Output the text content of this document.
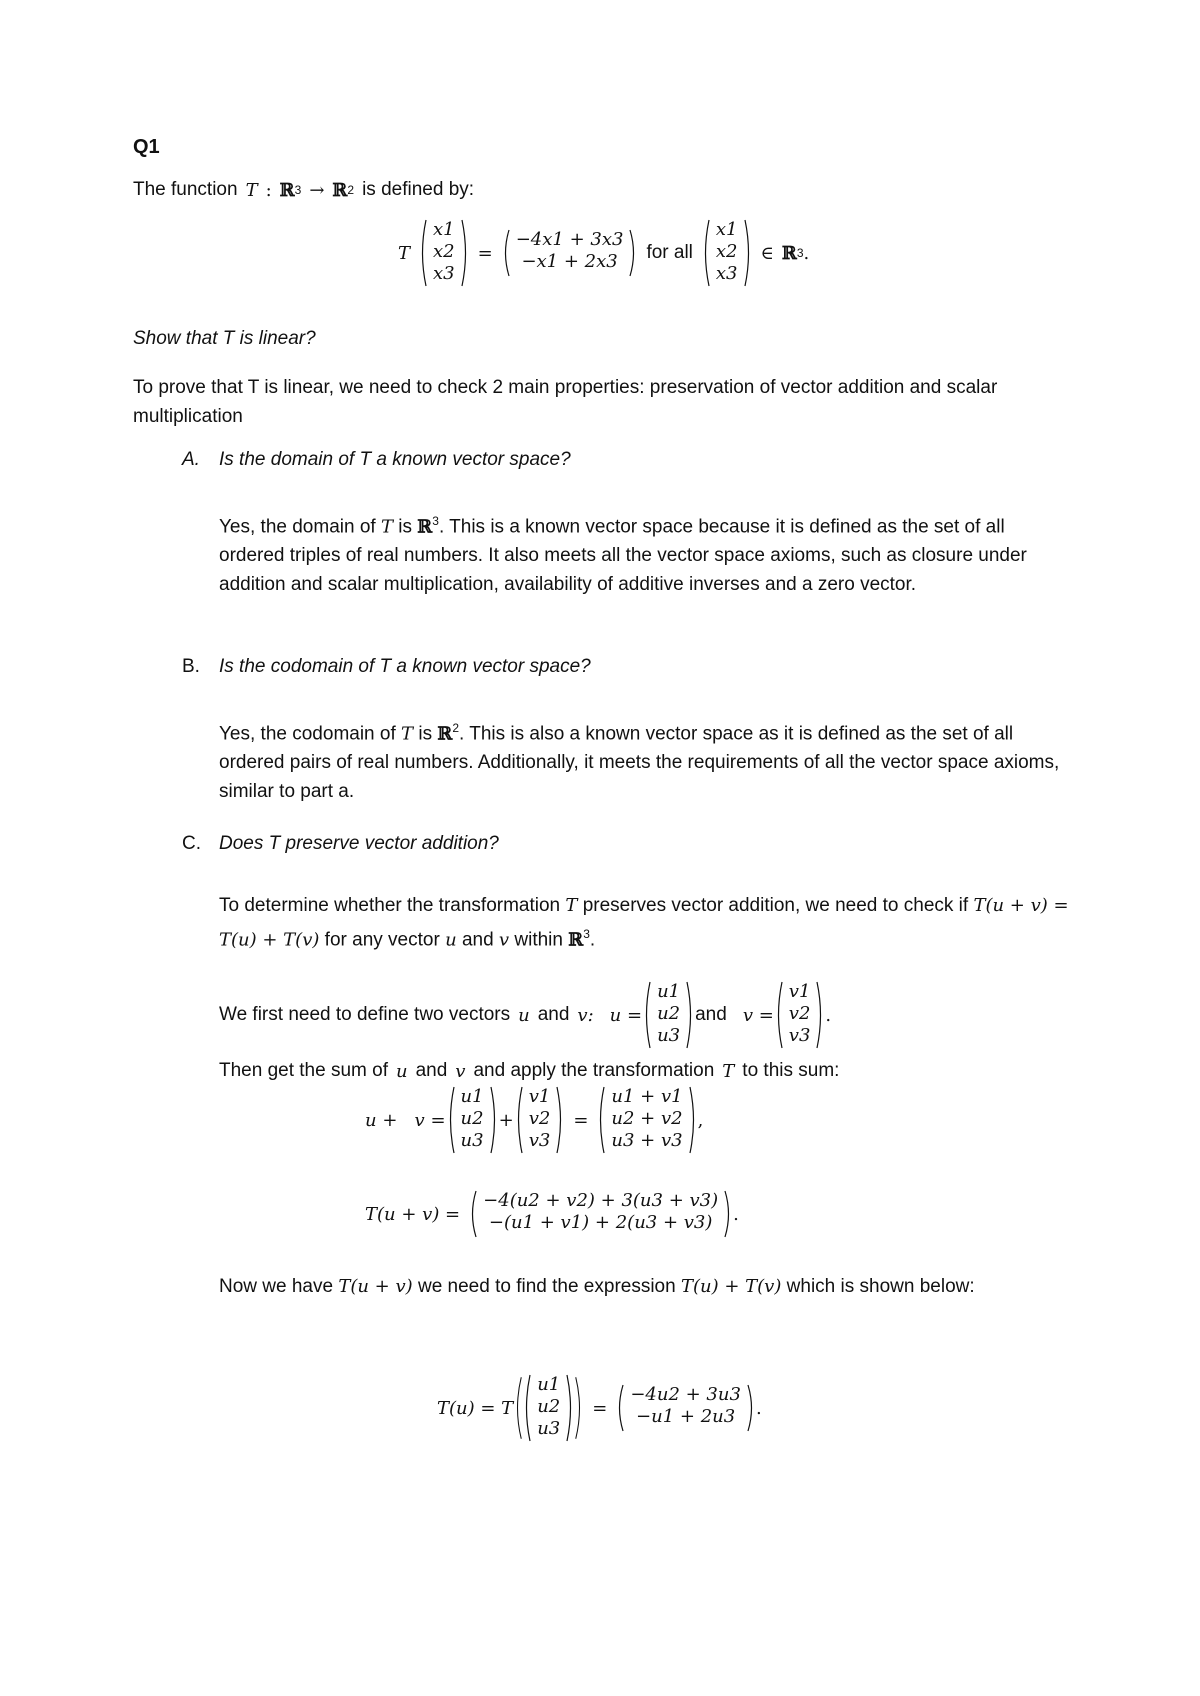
Q1
The function T : ℝ 3 → ℝ 2 is defined by:
T
x1
x2
x3
=
−4x1 + 3x3
−x1 + 2x3 for all
x1
x2
x3
∈ ℝ 3 .
Show that T is linear?
To prove that T is linear, we need to check 2 main properties: preservation of vector addition and scalar multiplication
A. Is the domain of T a known vector space?
Yes, the domain of T is ℝ$^3$. This is a known vector space because it is defined as the set of all ordered triples of real numbers. It also meets all the vector space axioms, such as closure under addition and scalar multiplication, availability of additive inverses and a zero vector.
B. Is the codomain of T a known vector space?
Yes, the codomain of T is ℝ$^2$. This is also a known vector space as it is defined as the set of all ordered pairs of real numbers. Additionally, it meets the requirements of all the vector space axioms, similar to part a.
C. Does T preserve vector addition?
To determine whether the transformation T preserves vector addition, we need to check if T(u + v) = T(u) + T(v) for any vector u and v within ℝ$^3$.
We first need to define two vectors u and v: u =
u1
u2
u3
and v =
v1
v2
v3
.
Then get the sum of u and v and apply the transformation T to this sum:
u +   v =
u1
u2
u3
+
v1
v2
v3
=
u1 + v1
u2 + v2
u3 + v3
,
T(u + v) =
−4(u2 + v2) + 3(u3 + v3)
−(u1 + v1) + 2(u3 + v3) .
Now we have T(u + v) we need to find the expression T(u) + T(v) which is shown below:
T(u) = T
u1
u2
u3
=
−4u2 + 3u3
−u1 + 2u3 .
